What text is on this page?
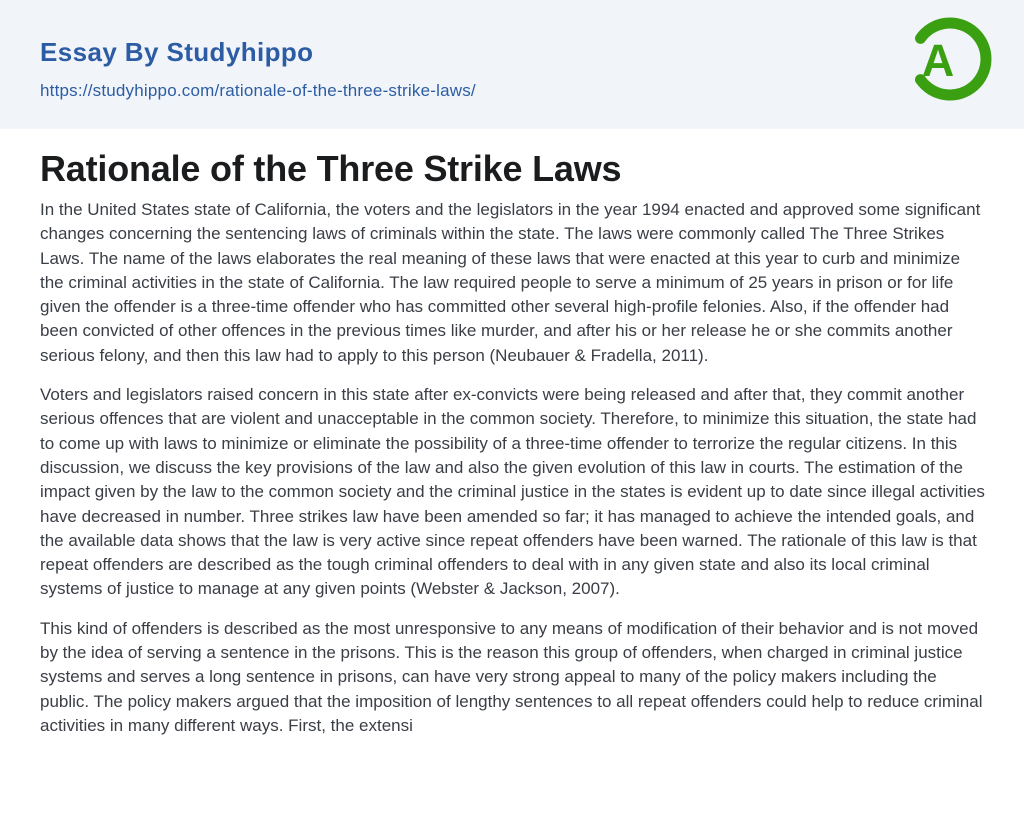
Essay By Studyhippo
https://studyhippo.com/rationale-of-the-three-strike-laws/
A
Rationale of the Three Strike Laws

In the United States state of California, the voters and the legislators in the year 1994 enacted and approved some significant changes concerning the sentencing laws of criminals within the state. The laws were commonly called The Three Strikes Laws. The name of the laws elaborates the real meaning of these laws that were enacted at this year to curb and minimize the criminal activities in the state of California. The law required people to serve a minimum of 25 years in prison or for life given the offender is a three-time offender who has committed other several high-profile felonies. Also, if the offender had been convicted of other offences in the previous times like murder, and after his or her release he or she commits another serious felony, and then this law had to apply to this person (Neubauer & Fradella, 2011).

Voters and legislators raised concern in this state after ex-convicts were being released and after that, they commit another serious offences that are violent and unacceptable in the common society. Therefore, to minimize this situation, the state had to come up with laws to minimize or eliminate the possibility of a three-time offender to terrorize the regular citizens. In this discussion, we discuss the key provisions of the law and also the given evolution of this law in courts. The estimation of the impact given by the law to the common society and the criminal justice in the states is evident up to date since illegal activities have decreased in number. Three strikes law have been amended so far; it has managed to achieve the intended goals, and the available data shows that the law is very active since repeat offenders have been warned. The rationale of this law is that repeat offenders are described as the tough criminal offenders to deal with in any given state and also its local criminal systems of justice to manage at any given points (Webster & Jackson, 2007).

This kind of offenders is described as the most unresponsive to any means of modification of their behavior and is not moved by the idea of serving a sentence in the prisons. This is the reason this group of offenders, when charged in criminal justice systems and serves a long sentence in prisons, can have very strong appeal to many of the policy makers including the public. The policy makers argued that the imposition of lengthy sentences to all repeat offenders could help to reduce criminal activities in many different ways. First, the extensi
